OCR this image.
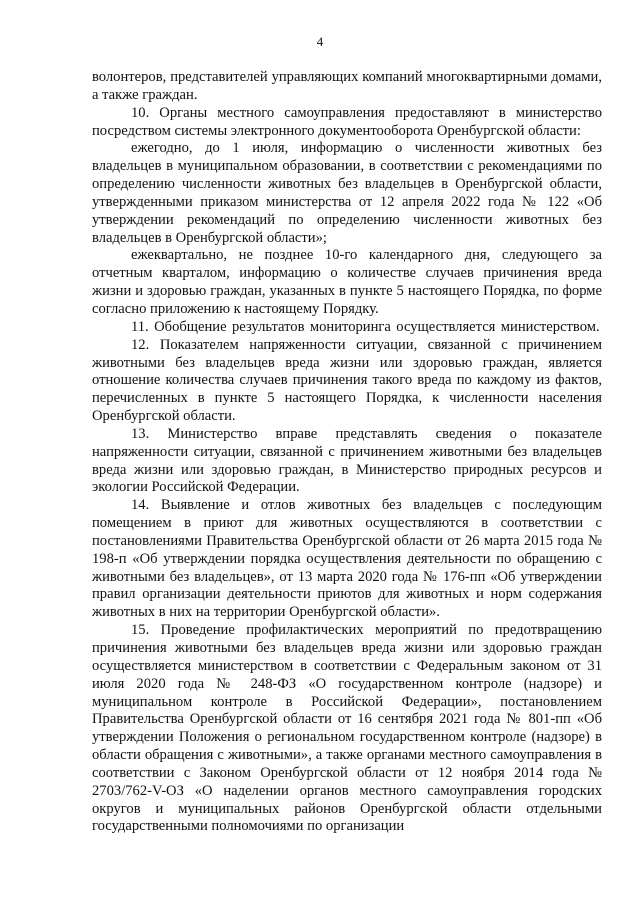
4

волонтеров, представителей управляющих компаний многоквартирными домами, а также граждан.

10. Органы местного самоуправления предоставляют в министерство посредством системы электронного документооборота Оренбургской области:

ежегодно, до 1 июля, информацию о численности животных без владельцев в муниципальном образовании, в соответствии с рекомендациями по определению численности животных без владельцев в Оренбургской области, утвержденными приказом министерства от 12 апреля 2022 года № 122 «Об утверждении рекомендаций по определению численности животных без владельцев в Оренбургской области»;

ежеквартально, не позднее 10-го календарного дня, следующего за отчетным кварталом, информацию о количестве случаев причинения вреда жизни и здоровью граждан, указанных в пункте 5 настоящего Порядка, по форме согласно приложению к настоящему Порядку.

11. Обобщение результатов мониторинга осуществляется министерством.

12. Показателем напряженности ситуации, связанной с причинением животными без владельцев вреда жизни или здоровью граждан, является отношение количества случаев причинения такого вреда по каждому из фактов, перечисленных в пункте 5 настоящего Порядка, к численности населения Оренбургской области.

13. Министерство вправе представлять сведения о показателе напряженности ситуации, связанной с причинением животными без владельцев вреда жизни или здоровью граждан, в Министерство природных ресурсов и экологии Российской Федерации.

14. Выявление и отлов животных без владельцев с последующим помещением в приют для животных осуществляются в соответствии с постановлениями Правительства Оренбургской области от 26 марта 2015 года № 198-п «Об утверждении порядка осуществления деятельности по обращению с животными без владельцев», от 13 марта 2020 года № 176-пп «Об утверждении правил организации деятельности приютов для животных и норм содержания животных в них на территории Оренбургской области».

15. Проведение профилактических мероприятий по предотвращению причинения животными без владельцев вреда жизни или здоровью граждан осуществляется министерством в соответствии с Федеральным законом от 31 июля 2020 года № 248-ФЗ «О государственном контроле (надзоре) и муниципальном контроле в Российской Федерации», постановлением Правительства Оренбургской области от 16 сентября 2021 года № 801-пп «Об утверждении Положения о региональном государственном контроле (надзоре) в области обращения с животными», а также органами местного самоуправления в соответствии с Законом Оренбургской области от 12 ноября 2014 года № 2703/762-V-ОЗ «О наделении органов местного самоуправления городских округов и муниципальных районов Оренбургской области отдельными государственными полномочиями по организации
